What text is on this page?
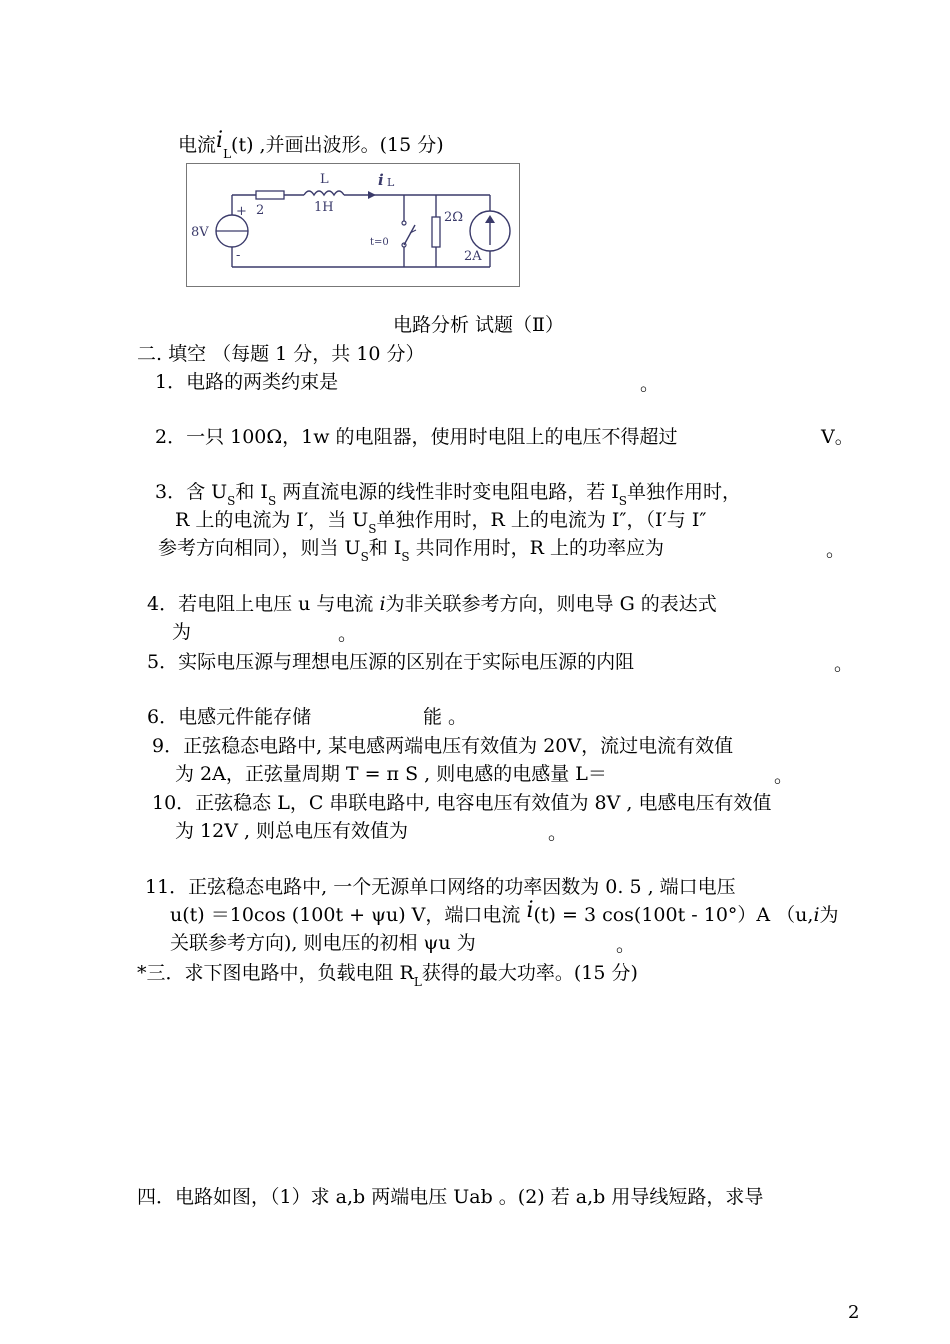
电流$i_L(t)$ ,并画出波形。(15 分)
+
-
8V
2
L
1H
i L
t=0
2Ω
2A
电路分析 试题（Ⅱ）
二. 填空 （每题 1 分，共 10 分）
1．电路的两类约束是	。
2．一只 100Ω，1w 的电阻器，使用时电阻上的电压不得超过	V。
3．含 $U_S$和 $I_S$ 两直流电源的线性非时变电阻电路，若 $I_S$单独作用时，
R 上的电流为 I′，当 $U_S$单独作用时，R 上的电流为 I″，（I′与 I″
参考方向相同），则当 $U_S$和 $I_S$ 共同作用时，R 上的功率应为	。
4．若电阻上电压 u 与电流 i为非关联参考方向，则电导 G 的表达式
为	。
5．实际电压源与理想电压源的区别在于实际电压源的内阻	。
6．电感元件能存储	能 。
9．正弦稳态电路中, 某电感两端电压有效值为 20V，流过电流有效值
为 2A，正弦量周期 T = π S , 则电感的电感量 L＝	。
10．正弦稳态 L，C 串联电路中, 电容电压有效值为 8V , 电感电压有效值
为 12V , 则总电压有效值为	。
11．正弦稳态电路中, 一个无源单口网络的功率因数为 0. 5 , 端口电压
u(t) ＝10cos (100t + ψu) V，端口电流 i(t) = 3 cos(100t - 10°）A （u,i为
关联参考方向), 则电压的初相 ψu 为	。
*三．求下图电路中，负载电阻 $R_L$获得的最大功率。(15 分)
四．电路如图，（1）求 a,b 两端电压 Uab 。(2) 若 a,b 用导线短路，求导
2
